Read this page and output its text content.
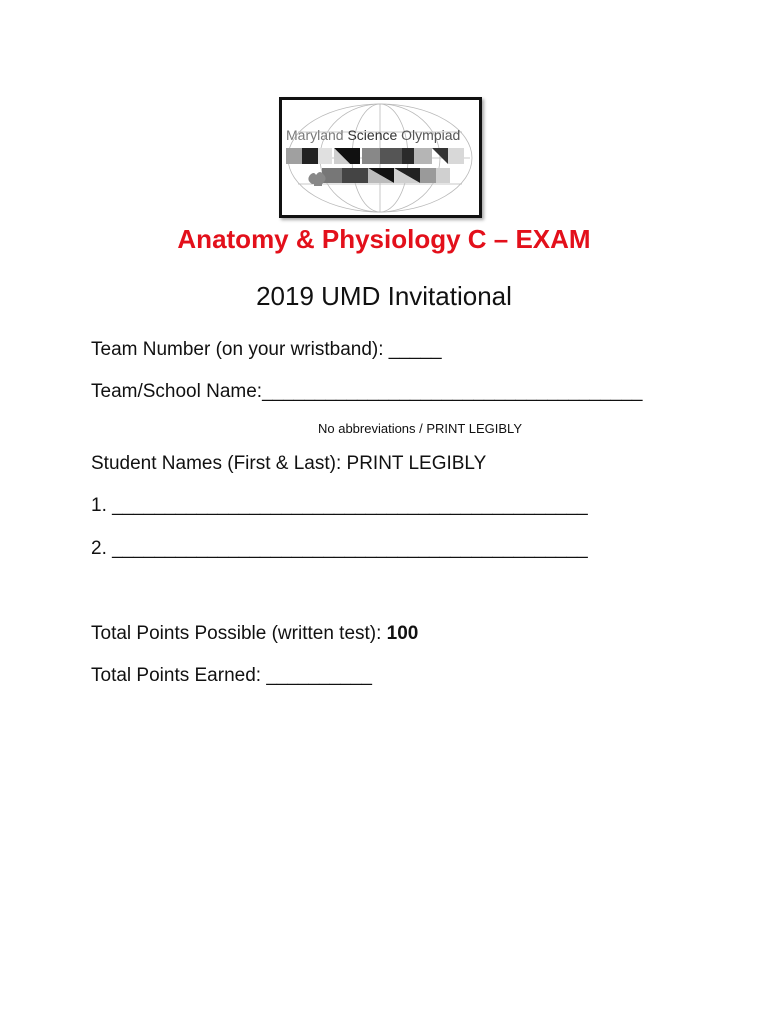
Maryland Science Olympiad
Anatomy & Physiology C – EXAM
2019 UMD Invitational
Team Number (on your wristband): _____
Team/School Name:____________________________________
No abbreviations / PRINT LEGIBLY
Student Names (First & Last): PRINT LEGIBLY
1. _____________________________________________
2. _____________________________________________
Total Points Possible (written test): 100
Total Points Earned: __________
